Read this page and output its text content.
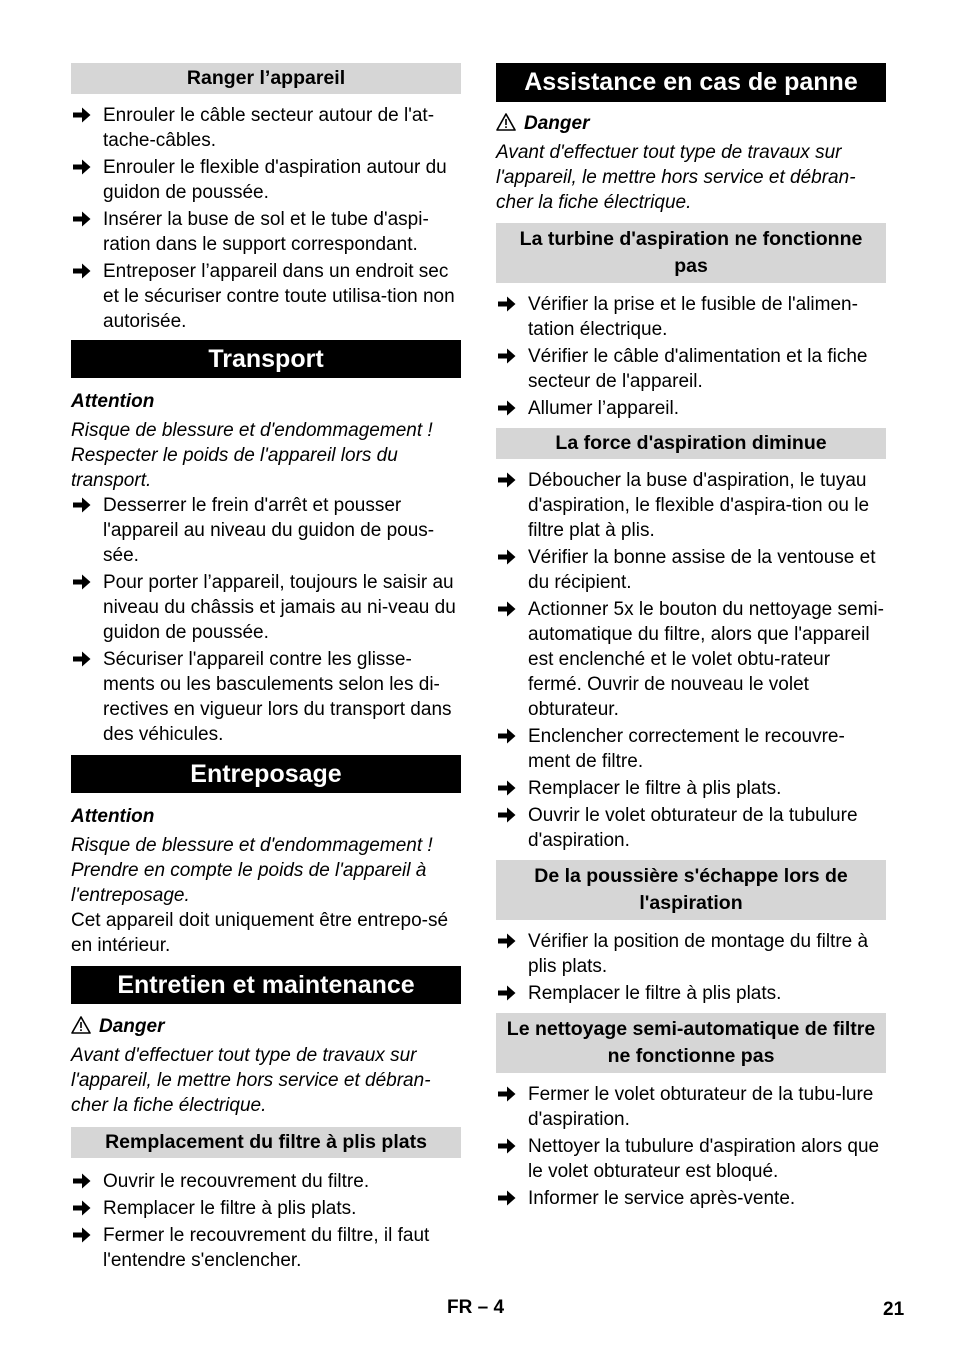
Ranger l’appareil
Enrouler le câble secteur autour de l'at-tache-câbles.
Enrouler le flexible d'aspiration autour du guidon de poussée.
Insérer la buse de sol et le tube d'aspi-ration dans le support correspondant.
Entreposer l’appareil dans un endroit sec et le sécuriser contre toute utilisa-tion non autorisée.
Transport

Attention

Risque de blessure et d'endommagement ! Respecter le poids de l'appareil lors du transport.

Desserrer le frein d'arrêt et pousser l'appareil au niveau du guidon de pous-sée.
Pour porter l’appareil, toujours le saisir au niveau du châssis et jamais au ni-veau du guidon de poussée.
Sécuriser l'appareil contre les glisse-ments ou les basculements selon les di-rectives en vigueur lors du transport dans des véhicules.
Entreposage

Attention

Risque de blessure et d'endommagement ! Prendre en compte le poids de l'appareil à l'entreposage.

Cet appareil doit uniquement être entrepo-sé en intérieur.

Entretien et maintenance

Danger

Avant d'effectuer tout type de travaux sur l'appareil, le mettre hors service et débran-cher la fiche électrique.

Remplacement du filtre à plis plats
Ouvrir le recouvrement du filtre.
Remplacer le filtre à plis plats.
Fermer le recouvrement du filtre, il faut l'entendre s'enclencher.
Assistance en cas de panne

Danger

Avant d'effectuer tout type de travaux sur l'appareil, le mettre hors service et débran-cher la fiche électrique.

La turbine d'aspiration ne fonctionne pas
Vérifier la prise et le fusible de l'alimen-tation électrique.
Vérifier le câble d'alimentation et la fiche secteur de l'appareil.
Allumer l’appareil.
La force d'aspiration diminue
Déboucher la buse d'aspiration, le tuyau d'aspiration, le flexible d'aspira-tion ou le filtre plat à plis.
Vérifier la bonne assise de la ventouse et du récipient.
Actionner 5x le bouton du nettoyage semi-automatique du filtre, alors que l'appareil est enclenché et le volet obtu-rateur fermé. Ouvrir de nouveau le volet obturateur.
Enclencher correctement le recouvre-ment de filtre.
Remplacer le filtre à plis plats.
Ouvrir le volet obturateur de la tubulure d'aspiration.
De la poussière s'échappe lors de l'aspiration
Vérifier la position de montage du filtre à plis plats.
Remplacer le filtre à plis plats.
Le nettoyage semi-automatique de filtre ne fonctionne pas
Fermer le volet obturateur de la tubu-lure d'aspiration.
Nettoyer la tubulure d'aspiration alors que le volet obturateur est bloqué.
Informer le service après-vente.
FR – 4	21
